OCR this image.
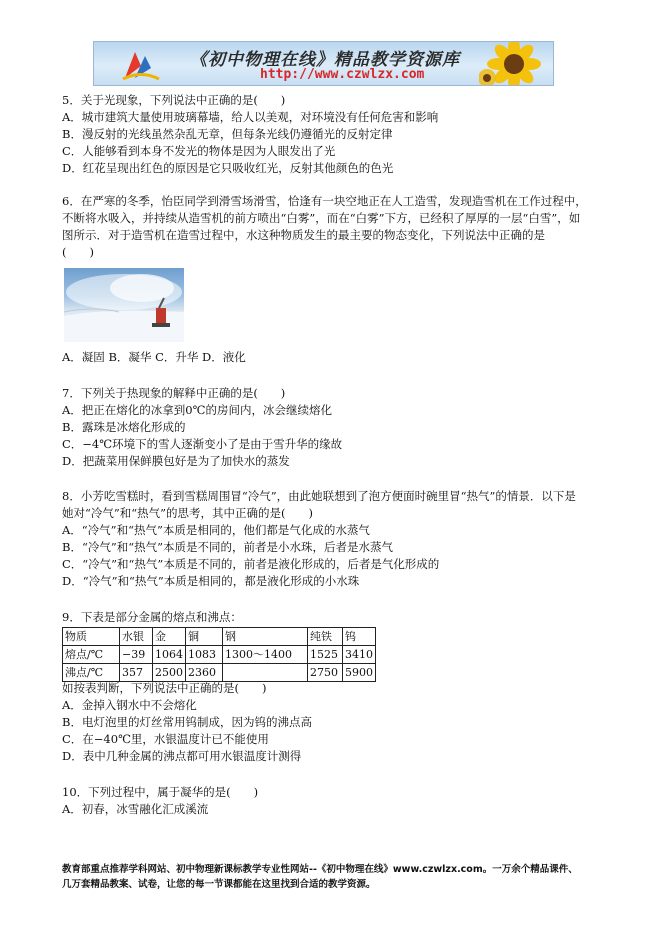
《初中物理在线》精品教学资源库
http://www.czwlzx.com
5．关于光现象，下列说法中正确的是(　　)
A．城市建筑大量使用玻璃幕墙，给人以美观，对环境没有任何危害和影响
B．漫反射的光线虽然杂乱无章，但每条光线仍遵循光的反射定律
C．人能够看到本身不发光的物体是因为人眼发出了光
D．红花呈现出红色的原因是它只吸收红光，反射其他颜色的色光
6．在严寒的冬季，怡臣同学到滑雪场滑雪，恰逢有一块空地正在人工造雪，发现造雪机在工作过程中，
不断将水吸入，并持续从造雪机的前方喷出“白雾”，而在“白雾”下方，已经积了厚厚的一层“白雪”，如
图所示．对于造雪机在造雪过程中，水这种物质发生的最主要的物态变化，下列说法中正确的是
(　　)
A．凝固 B．凝华 C．升华 D．液化
7．下列关于热现象的解释中正确的是(　　)
A．把正在熔化的冰拿到0℃的房间内，冰会继续熔化
B．露珠是冰熔化形成的
C．−4℃环境下的雪人逐渐变小了是由于雪升华的缘故
D．把蔬菜用保鲜膜包好是为了加快水的蒸发
8．小芳吃雪糕时，看到雪糕周围冒“冷气”，由此她联想到了泡方便面时碗里冒“热气”的情景．以下是
她对“冷气”和“热气”的思考，其中正确的是(　　)
A．“冷气”和“热气”本质是相同的，他们都是气化成的水蒸气
B．“冷气”和“热气”本质是不同的，前者是小水珠，后者是水蒸气
C．“冷气”和“热气”本质是不同的，前者是液化形成的，后者是气化形成的
D．“冷气”和“热气”本质是相同的，都是液化形成的小水珠
9．下表是部分金属的熔点和沸点：
物质	水银	金	铜	钢	纯铁	钨
熔点/℃	−39	1064	1083	1300～1400	1525	3410
沸点/℃	357	2500	2360		2750	5900
如按表判断，下列说法中正确的是(　　)
A．金掉入钢水中不会熔化
B．电灯泡里的灯丝常用钨制成，因为钨的沸点高
C．在−40℃里，水银温度计已不能使用
D．表中几种金属的沸点都可用水银温度计测得
10．下列过程中，属于凝华的是(　　)
A．初春，冰雪融化汇成溪流
教育部重点推荐学科网站、初中物理新课标教学专业性网站--《初中物理在线》www.czwlzx.com。一万余个精品课件、
几万套精品教案、试卷，让您的每一节课都能在这里找到合适的教学资源。
